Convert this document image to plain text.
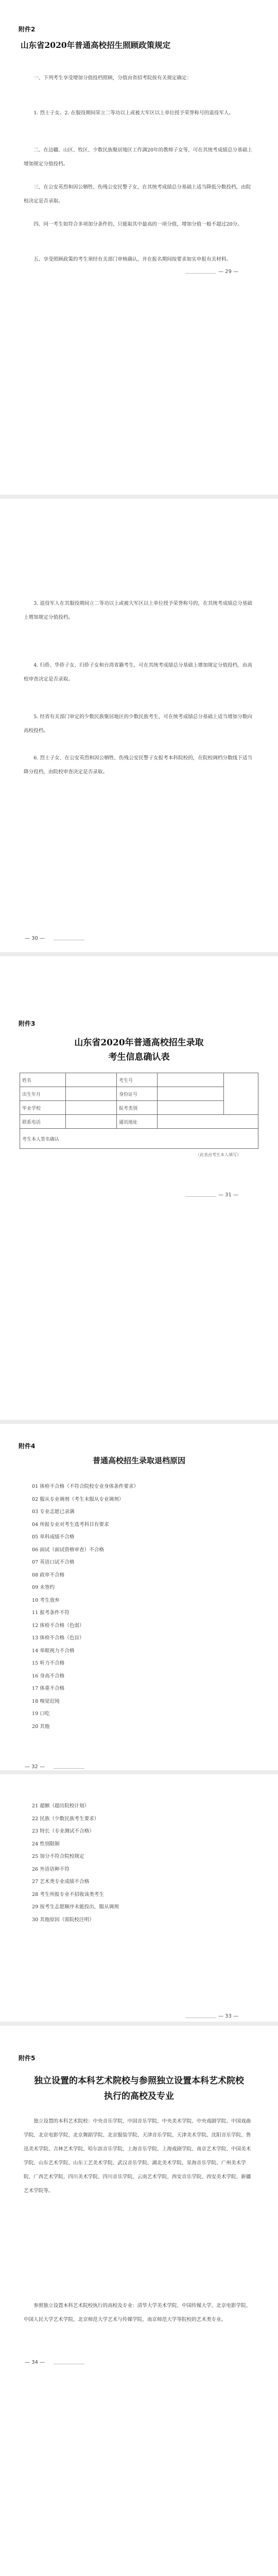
附件2
山东省2020年普通高校招生照顾政策规定

一、下列考生享受增加分值投档照顾，分值由省招考院按有关规定确定：

1. 烈士子女。2. 在服役期间荣立二等功以上或被大军区以上单位授予荣誉称号的退役军人。

二、在边疆、山区、牧区、少数民族聚居地区工作满20年的教师子女等，可在其统考成绩总分基础上增加规定分值投档。

三、在公安英烈和因公牺牲、伤残公安民警子女，在其统考成绩总分基础上适当降低分数投档，由院校决定是否录取。

四、同一考生如符合多项加分条件的，只能取其中最高的一项分值，增加分值一般不超过20分。

五、享受照顾政策的考生须经有关部门审核确认，并在报名期间按要求如实申报有关材料。

— 29 —

3. 退役军人在其服役期间立二等功以上或被大军区以上单位授予荣誉称号的，在其统考成绩总分基础上增加规定分值投档。

4. 归侨、华侨子女、归侨子女和台湾省籍考生，可在其统考成绩总分基础上增加规定分值投档，由高校审查决定是否录取。

5. 经省有关部门审定的少数民族聚居地区的少数民族考生，可在统考成绩总分基础上适当增加分数向高校投档。

6. 烈士子女、在公安英烈和因公牺牲、伤残公安民警子女报考本科院校的，在院校调档分数线下适当降分投档，由院校审查决定是否录取。

— 30 —
附件3
山东省2020年普通高校招生录取考生信息确认表
姓名		考生号		
出生年月		身份证号		
毕业学校		报考类别		
联系电话		通讯地址		
考生本人签名确认				
（此表由考生本人填写）
— 31 —
附件4
普通高校招生录取退档原因
01 体检不合格（不符合院校专业身体条件要求）
02 服从专业调剂（考生未服从专业调剂）
03 专业志愿已录满
04 所报专业对考生选考科目有要求
05 单科成绩不合格
06 面试（面试资格审查）不合格
07 英语口试不合格
08 政审不合格
09 未签约
10 考生放弃
11 报考条件不符
12 体检不合格（色弱）
13 体检不合格（色盲）
14 单眼视力不合格
15 听力不合格
16 身高不合格
17 体重不合格
18 嗅觉迟钝
19 口吃
20 其他
— 32 —
21 超额（超出院校计划）
22 民族（少数民族考生要求）
23 特长（专业测试不合格）
24 性别限制
25 加分不符合院校规定
26 外语语种不符
27 艺术类专业成绩不合格
28 考生所报专业不招收该类考生
29 按考生志愿顺序未能投出，服从调剂
30 其他原因（需院校注明）
— 33 —
附件5
独立设置的本科艺术院校与参照独立设置本科艺术院校执行的高校及专业

独立设置的本科艺术院校：中央音乐学院、中国音乐学院、中央美术学院、中央戏剧学院、中国戏曲学院、北京电影学院、北京舞蹈学院、北京服装学院、天津音乐学院、天津美术学院、沈阳音乐学院、鲁迅美术学院、吉林艺术学院、哈尔滨音乐学院、上海音乐学院、上海戏剧学院、南京艺术学院、中国美术学院、山东艺术学院、山东工艺美术学院、武汉音乐学院、湖北美术学院、星海音乐学院、广州美术学院、广西艺术学院、四川美术学院、四川音乐学院、云南艺术学院、西安音乐学院、西安美术学院、新疆艺术学院等。

参照独立设置本科艺术院校执行的高校及专业：清华大学美术学院、中国传媒大学、北京电影学院、中国人民大学艺术学院、北京师范大学艺术与传媒学院、南京师范大学等院校的艺术类专业。

— 34 —
